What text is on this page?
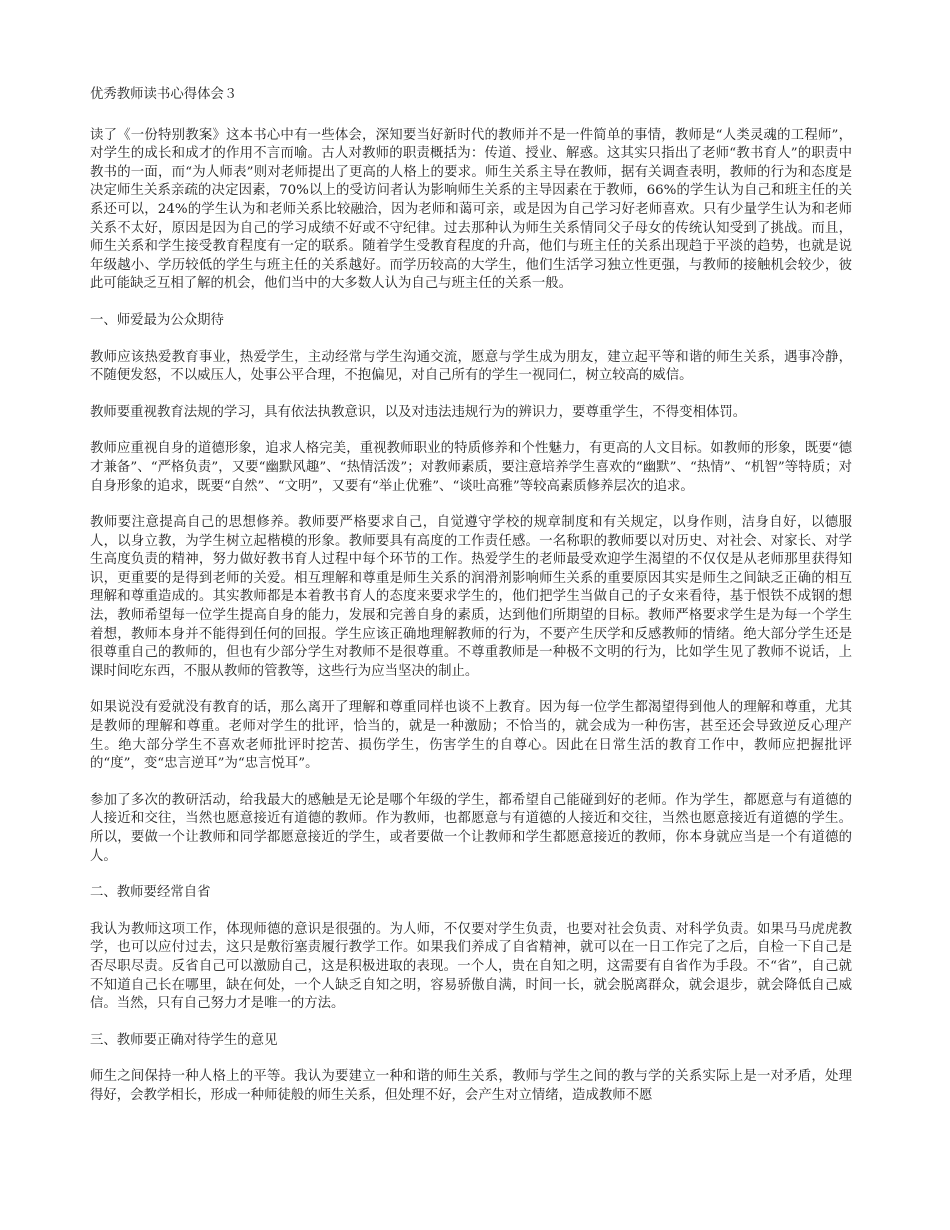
优秀教师读书心得体会３

读了《一份特别教案》这本书心中有一些体会，深知要当好新时代的教师并不是一件简单的事情，教师是“人类灵魂的工程师”，对学生的成长和成才的作用不言而喻。古人对教师的职责概括为：传道、授业、解惑。这其实只指出了老师“教书育人”的职责中教书的一面，而“为人师表”则对老师提出了更高的人格上的要求。师生关系主导在教师，据有关调查表明，教师的行为和态度是决定师生关系亲疏的决定因素，70%以上的受访问者认为影响师生关系的主导因素在于教师，66%的学生认为自己和班主任的关系还可以，24%的学生认为和老师关系比较融洽，因为老师和蔼可亲，或是因为自己学习好老师喜欢。只有少量学生认为和老师关系不太好，原因是因为自己的学习成绩不好或不守纪律。过去那种认为师生关系情同父子母女的传统认知受到了挑战。而且，师生关系和学生接受教育程度有一定的联系。随着学生受教育程度的升高，他们与班主任的关系出现趋于平淡的趋势，也就是说年级越小、学历较低的学生与班主任的关系越好。而学历较高的大学生，他们生活学习独立性更强，与教师的接触机会较少，彼此可能缺乏互相了解的机会，他们当中的大多数人认为自己与班主任的关系一般。

一、师爱最为公众期待

教师应该热爱教育事业，热爱学生，主动经常与学生沟通交流，愿意与学生成为朋友，建立起平等和谐的师生关系，遇事冷静，不随便发怒，不以威压人，处事公平合理，不抱偏见，对自己所有的学生一视同仁，树立较高的威信。

教师要重视教育法规的学习，具有依法执教意识，以及对违法违规行为的辨识力，要尊重学生，不得变相体罚。

教师应重视自身的道德形象，追求人格完美，重视教师职业的特质修养和个性魅力，有更高的人文目标。如教师的形象，既要“德才兼备”、“严格负责”，又要“幽默风趣”、“热情活泼”；对教师素质，要注意培养学生喜欢的“幽默”、“热情”、“机智”等特质；对自身形象的追求，既要“自然”、“文明”，又要有“举止优雅”、“谈吐高雅”等较高素质修养层次的追求。

教师要注意提高自己的思想修养。教师要严格要求自己，自觉遵守学校的规章制度和有关规定，以身作则，洁身自好，以德服人，以身立教，为学生树立起楷模的形象。教师要具有高度的工作责任感。一名称职的教师要以对历史、对社会、对家长、对学生高度负责的精神，努力做好教书育人过程中每个环节的工作。热爱学生的老师最受欢迎学生渴望的不仅仅是从老师那里获得知识，更重要的是得到老师的关爱。相互理解和尊重是师生关系的润滑剂影响师生关系的重要原因其实是师生之间缺乏正确的相互理解和尊重造成的。其实教师都是本着教书育人的态度来要求学生的，他们把学生当做自己的子女来看待，基于恨铁不成钢的想法，教师希望每一位学生提高自身的能力，发展和完善自身的素质，达到他们所期望的目标。教师严格要求学生是为每一个学生着想，教师本身并不能得到任何的回报。学生应该正确地理解教师的行为，不要产生厌学和反感教师的情绪。绝大部分学生还是很尊重自己的教师的，但也有少部分学生对教师不是很尊重。不尊重教师是一种极不文明的行为，比如学生见了教师不说话，上课时间吃东西，不服从教师的管教等，这些行为应当坚决的制止。

如果说没有爱就没有教育的话，那么离开了理解和尊重同样也谈不上教育。因为每一位学生都渴望得到他人的理解和尊重，尤其是教师的理解和尊重。老师对学生的批评，恰当的，就是一种激励；不恰当的，就会成为一种伤害，甚至还会导致逆反心理产生。绝大部分学生不喜欢老师批评时挖苦、损伤学生，伤害学生的自尊心。因此在日常生活的教育工作中，教师应把握批评的“度”，变“忠言逆耳”为“忠言悦耳”。

参加了多次的教研活动，给我最大的感触是无论是哪个年级的学生，都希望自己能碰到好的老师。作为学生，都愿意与有道德的人接近和交往，当然也愿意接近有道德的教师。作为教师，也都愿意与有道德的人接近和交往，当然也愿意接近有道德的学生。所以，要做一个让教师和同学都愿意接近的学生，或者要做一个让教师和学生都愿意接近的教师，你本身就应当是一个有道德的人。

二、教师要经常自省

我认为教师这项工作，体现师德的意识是很强的。为人师，不仅要对学生负责，也要对社会负责、对科学负责。如果马马虎虎教学，也可以应付过去，这只是敷衍塞责履行教学工作。如果我们养成了自省精神，就可以在一日工作完了之后，自检一下自己是否尽职尽责。反省自己可以激励自己，这是积极进取的表现。一个人，贵在自知之明，这需要有自省作为手段。不“省”，自己就不知道自己长在哪里，缺在何处，一个人缺乏自知之明，容易骄傲自满，时间一长，就会脱离群众，就会退步，就会降低自己威信。当然，只有自己努力才是唯一的方法。

三、教师要正确对待学生的意见

师生之间保持一种人格上的平等。我认为要建立一种和谐的师生关系，教师与学生之间的教与学的关系实际上是一对矛盾，处理得好，会教学相长，形成一种师徒般的师生关系，但处理不好，会产生对立情绪，造成教师不愿
